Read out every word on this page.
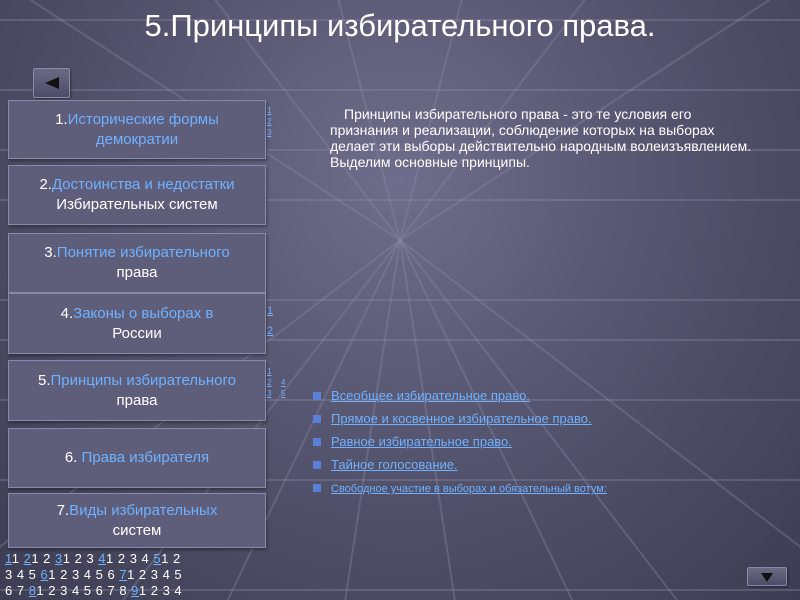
5.Принципы избирательного права.
1.Исторические формы демократии
1
2
3
2.Достоинства и недостатки
Избирательных систем
3.Понятие избирательного
права
4.Законы о выборах в
России
1
2
5.Принципы избирательного
права
1
2
3
4
5
6. Права избирателя
7.Виды избирательных
систем
Принципы избирательного права - это те условия его признания и реализации, соблюдение которых на выборах делает эти выборы действительно народным волеизъявлением. Выделим основные принципы.
Всеобщее избирательное право.
Прямое и косвенное избирательное право.
Равное избирательное право.
Тайное голосование.
Свободное участие в выборах и обязательный вотум:
11 21 2 31 2 3 41 2 3 4 51 2
3 4 5 61 2 3 4 5 6 71 2 3 4 5
6 7 81 2 3 4 5 6 7 8 91 2 3 4
